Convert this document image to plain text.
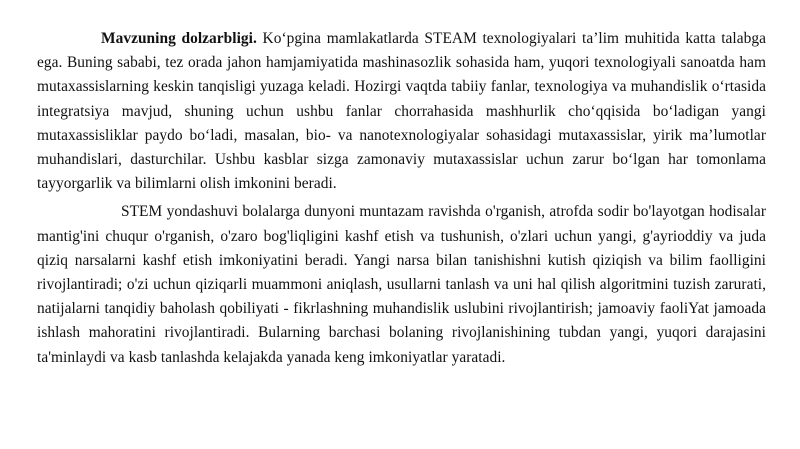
Mavzuning dolzarbligi. Ko‘pgina mamlakatlarda STEAM texnologiyalari ta’lim muhitida katta talabga ega. Buning sababi, tez orada jahon hamjamiyatida mashinasozlik sohasida ham, yuqori texnologiyali sanoatda ham mutaxassislarning keskin tanqisligi yuzaga keladi. Hozirgi vaqtda tabiiy fanlar, texnologiya va muhandislik o‘rtasida integratsiya mavjud, shuning uchun ushbu fanlar chorrahasida mashhurlik cho‘qqisida bo‘ladigan yangi mutaxassisliklar paydo bo‘ladi, masalan, bio- va nanotexnologiyalar sohasidagi mutaxassislar, yirik ma’lumotlar muhandislari, dasturchilar. Ushbu kasblar sizga zamonaviy mutaxassislar uchun zarur bo‘lgan har tomonlama tayyorgarlik va bilimlarni olish imkonini beradi.

STEM yondashuvi bolalarga dunyoni muntazam ravishda o'rganish, atrofda sodir bo'layotgan hodisalar mantig'ini chuqur o'rganish, o'zaro bog'liqligini kashf etish va tushunish, o'zlari uchun yangi, g'ayrioddiy va juda qiziq narsalarni kashf etish imkoniyatini beradi. Yangi narsa bilan tanishishni kutish qiziqish va bilim faolligini rivojlantiradi; o'zi uchun qiziqarli muammoni aniqlash, usullarni tanlash va uni hal qilish algoritmini tuzish zarurati, natijalarni tanqidiy baholash qobiliyati - fikrlashning muhandislik uslubini rivojlantirish; jamoaviy faoliYat jamoada ishlash mahoratini rivojlantiradi. Bularning barchasi bolaning rivojlanishining tubdan yangi, yuqori darajasini ta'minlaydi va kasb tanlashda kelajakda yanada keng imkoniyatlar yaratadi.
